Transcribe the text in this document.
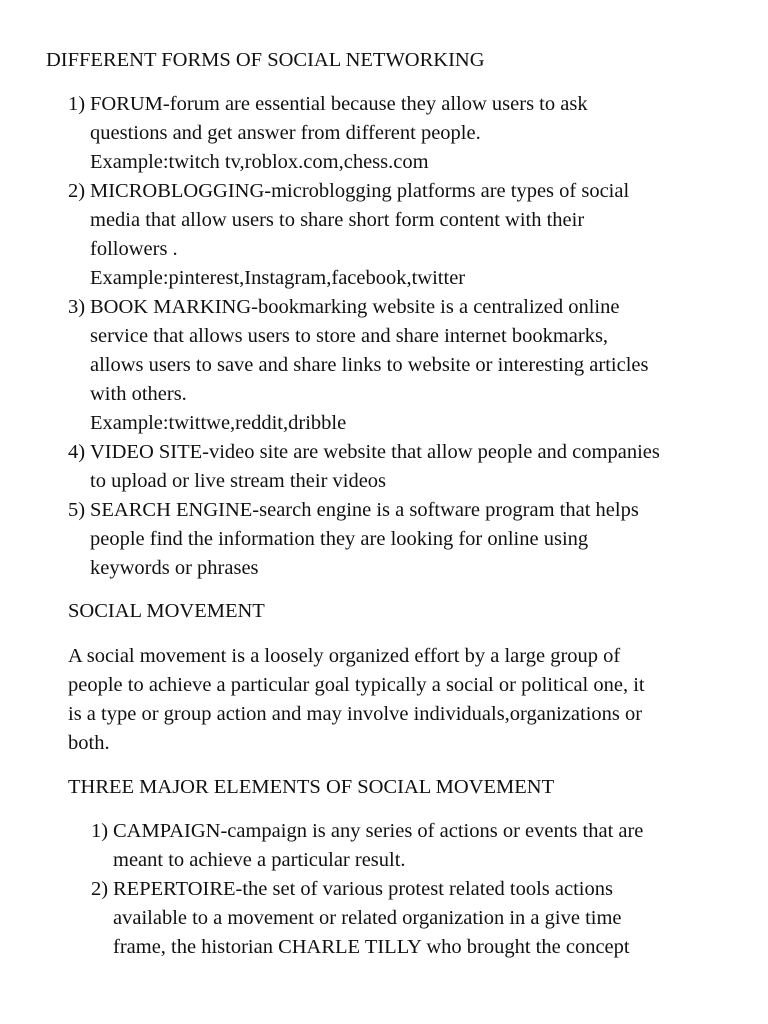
DIFFERENT FORMS OF SOCIAL NETWORKING
1) FORUM-forum are essential because they allow users to ask
questions and get answer from different people.
Example:twitch tv,roblox.com,chess.com
2) MICROBLOGGING-microblogging platforms are types of social
media that allow users to share short form content with their
followers .
Example:pinterest,Instagram,facebook,twitter
3) BOOK MARKING-bookmarking website is a centralized online
service that allows users to store and share internet bookmarks,
allows users to save and share links to website or interesting articles
with others.
Example:twittwe,reddit,dribble
4) VIDEO SITE-video site are website that allow people and companies
to upload or live stream their videos
5) SEARCH ENGINE-search engine is a software program that helps
people find the information they are looking for online using
keywords or phrases
SOCIAL MOVEMENT
A social movement is a loosely organized effort by a large group of
people to achieve a particular goal typically a social or political one, it
is a type or group action and may involve individuals,organizations or
both.
THREE MAJOR ELEMENTS OF SOCIAL MOVEMENT
1) CAMPAIGN-campaign is any series of actions or events that are
meant to achieve a particular result.
2) REPERTOIRE-the set of various protest related tools actions
available to a movement or related organization in a give time
frame, the historian CHARLE TILLY who brought the concept
